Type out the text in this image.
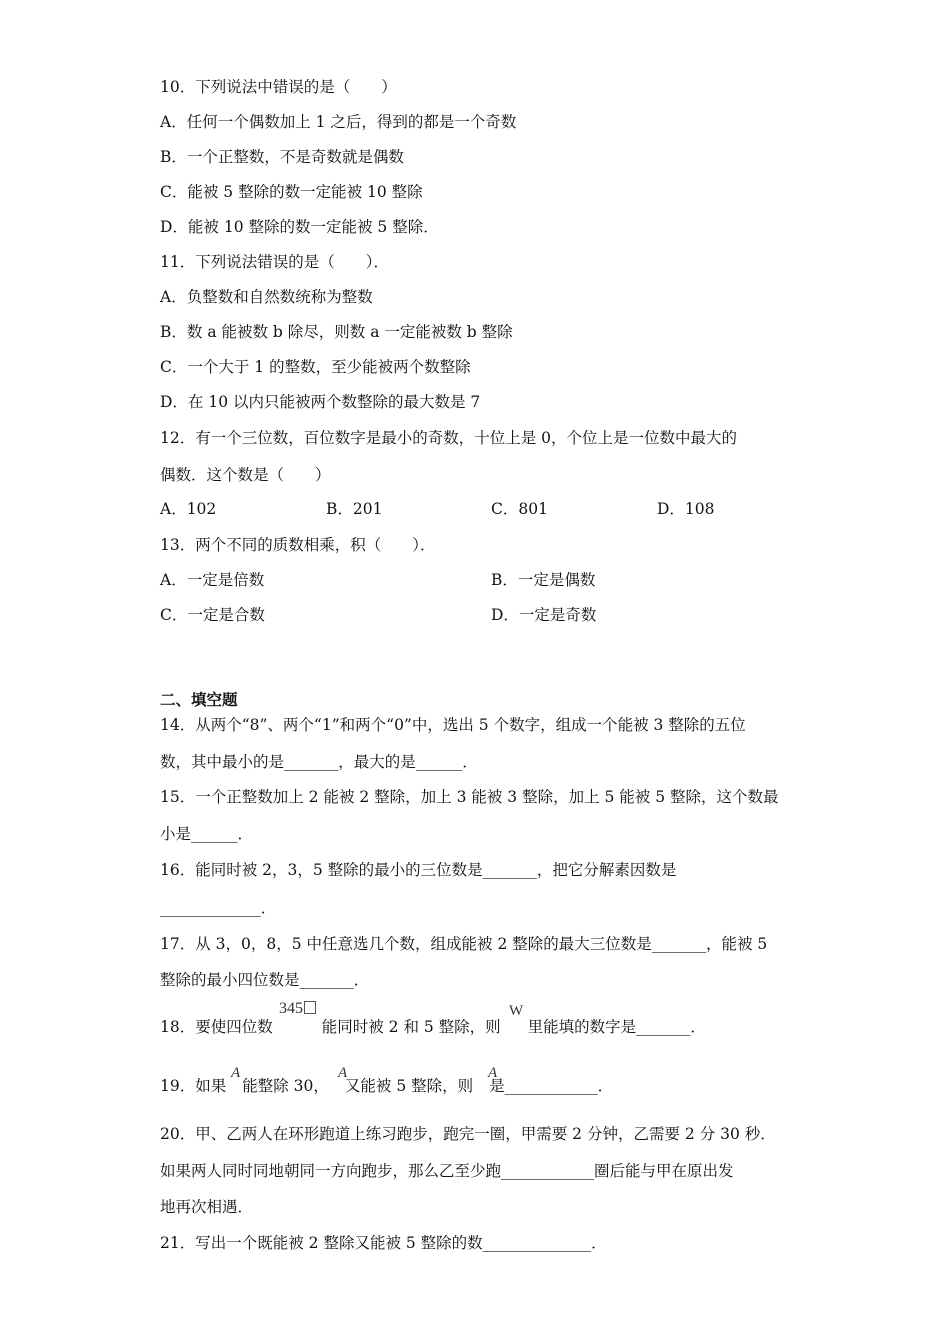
10．下列说法中错误的是（　　）
A．任何一个偶数加上 1 之后，得到的都是一个奇数
B．一个正整数，不是奇数就是偶数
C．能被 5 整除的数一定能被 10 整除
D．能被 10 整除的数一定能被 5 整除．
11．下列说法错误的是（　　）．
A．负整数和自然数统称为整数
B．数 a 能被数 b 除尽，则数 a 一定能被数 b 整除
C．一个大于 1 的整数，至少能被两个数整除
D．在 10 以内只能被两个数整除的最大数是 7
12．有一个三位数，百位数字是最小的奇数，十位上是 0，个位上是一位数中最大的
偶数．这个数是（　　）
A．102	B．201	C．801	D．108
13．两个不同的质数相乘，积（　　）．
A．一定是倍数	B．一定是偶数
C．一定是合数	D．一定是奇数
二、填空题
14．从两个“8”、两个“1”和两个“0”中，选出 5 个数字，组成一个能被 3 整除的五位
数，其中最小的是_______，最大的是______．
15．一个正整数加上 2 能被 2 整除，加上 3 能被 3 整除，加上 5 能被 5 整除，这个数最
小是______．
16．能同时被 2，3，5 整除的最小的三位数是_______，把它分解素因数是
_____________．
17．从 3，0，8，5 中任意选几个数，组成能被 2 整除的最大三位数是_______，能被 5
整除的最小四位数是_______．
18．要使四位数	能同时被 2 和 5 整除，则 里能填的数字是_______．
345	W
19．如果 能整除 30， 又能被 5 整除，则 是____________．
A	A	A
20．甲、乙两人在环形跑道上练习跑步，跑完一圈，甲需要 2 分钟，乙需要 2 分 30 秒．
如果两人同时同地朝同一方向跑步，那么乙至少跑____________圈后能与甲在原出发
地再次相遇．
21．写出一个既能被 2 整除又能被 5 整除的数______________．
